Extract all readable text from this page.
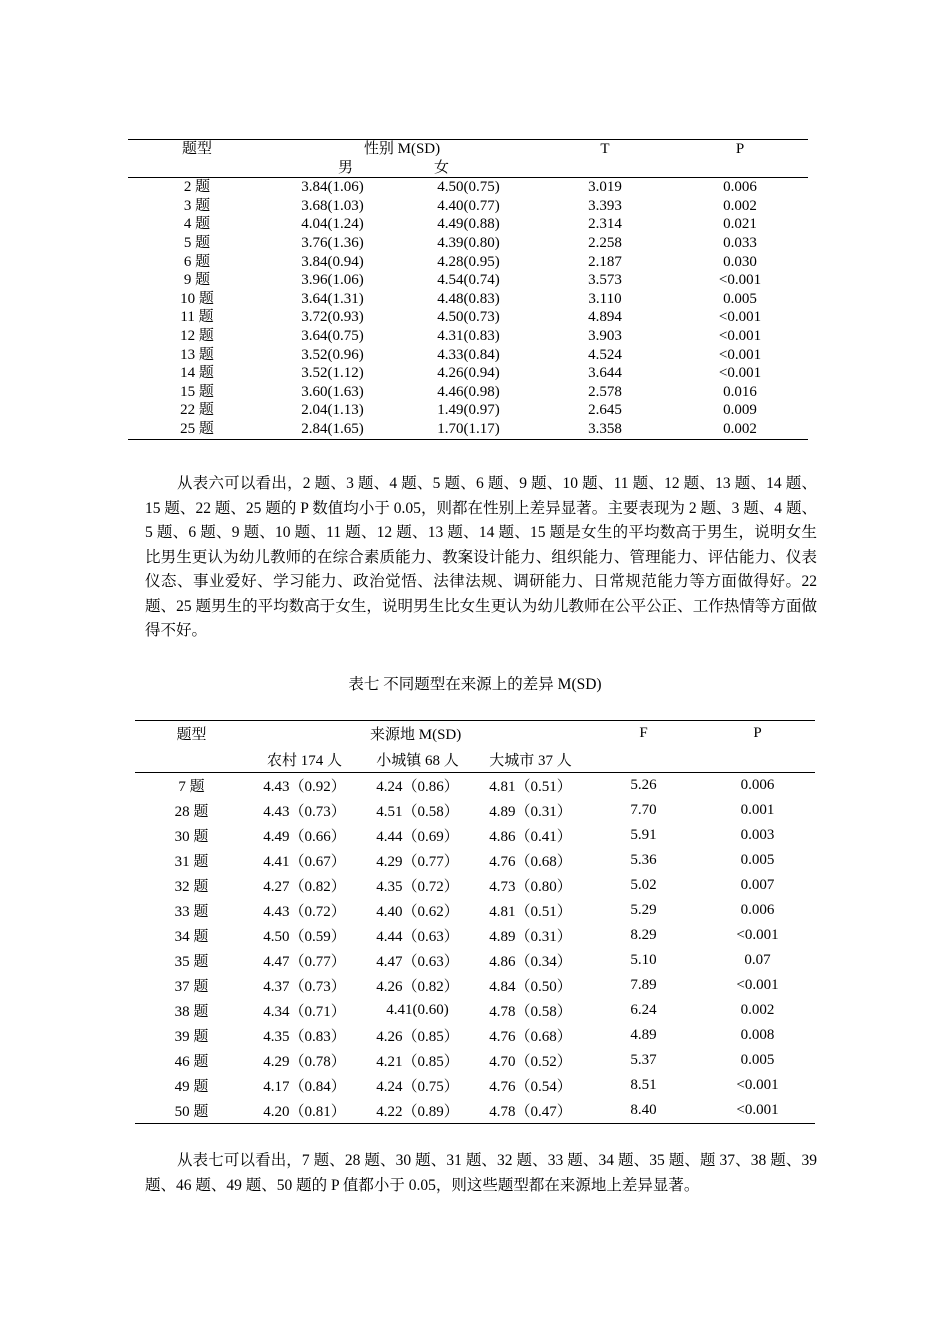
题型	性别 M(SD)		T	P
	男	女		
2 题	3.84(1.06)	4.50(0.75)	3.019	0.006
3 题	3.68(1.03)	4.40(0.77)	3.393	0.002
4 题	4.04(1.24)	4.49(0.88)	2.314	0.021
5 题	3.76(1.36)	4.39(0.80)	2.258	0.033
6 题	3.84(0.94)	4.28(0.95)	2.187	0.030
9 题	3.96(1.06)	4.54(0.74)	3.573	<0.001
10 题	3.64(1.31)	4.48(0.83)	3.110	0.005
11 题	3.72(0.93)	4.50(0.73)	4.894	<0.001
12 题	3.64(0.75)	4.31(0.83)	3.903	<0.001
13 题	3.52(0.96)	4.33(0.84)	4.524	<0.001
14 题	3.52(1.12)	4.26(0.94)	3.644	<0.001
15 题	3.60(1.63)	4.46(0.98)	2.578	0.016
22 题	2.04(1.13)	1.49(0.97)	2.645	0.009
25 题	2.84(1.65)	1.70(1.17)	3.358	0.002

从表六可以看出，2 题、3 题、4 题、5 题、6 题、9 题、10 题、11 题、12 题、13 题、14 题、15 题、22 题、25 题的 P 数值均小于 0.05，则都在性别上差异显著。主要表现为 2 题、3 题、4 题、5 题、6 题、9 题、10 题、11 题、12 题、13 题、14 题、15 题是女生的平均数高于男生，说明女生比男生更认为幼儿教师的在综合素质能力、教案设计能力、组织能力、管理能力、评估能力、仪表仪态、事业爱好、学习能力、政治觉悟、法律法规、调研能力、日常规范能力等方面做得好。22 题、25 题男生的平均数高于女生，说明男生比女生更认为幼儿教师在公平公正、工作热情等方面做得不好。

表七 不同题型在来源上的差异 M(SD)
题型	来源地 M(SD)			F	P
	农村 174 人	小城镇 68 人	大城市 37 人		
7 题	4.43（0.92）	4.24（0.86）	4.81（0.51）	5.26	0.006
28 题	4.43（0.73）	4.51（0.58）	4.89（0.31）	7.70	0.001
30 题	4.49（0.66）	4.44（0.69）	4.86（0.41）	5.91	0.003
31 题	4.41（0.67）	4.29（0.77）	4.76（0.68）	5.36	0.005
32 题	4.27（0.82）	4.35（0.72）	4.73（0.80）	5.02	0.007
33 题	4.43（0.72）	4.40（0.62）	4.81（0.51）	5.29	0.006
34 题	4.50（0.59）	4.44（0.63）	4.89（0.31）	8.29	<0.001
35 题	4.47（0.77）	4.47（0.63）	4.86（0.34）	5.10	0.07
37 题	4.37（0.73）	4.26（0.82）	4.84（0.50）	7.89	<0.001
38 题	4.34（0.71）	4.41(0.60)	4.78（0.58）	6.24	0.002
39 题	4.35（0.83）	4.26（0.85）	4.76（0.68）	4.89	0.008
46 题	4.29（0.78）	4.21（0.85）	4.70（0.52）	5.37	0.005
49 题	4.17（0.84）	4.24（0.75）	4.76（0.54）	8.51	<0.001
50 题	4.20（0.81）	4.22（0.89）	4.78（0.47）	8.40	<0.001

从表七可以看出，7 题、28 题、30 题、31 题、32 题、33 题、34 题、35 题、题 37、38 题、39 题、46 题、49 题、50 题的 P 值都小于 0.05，则这些题型都在来源地上差异显著。
